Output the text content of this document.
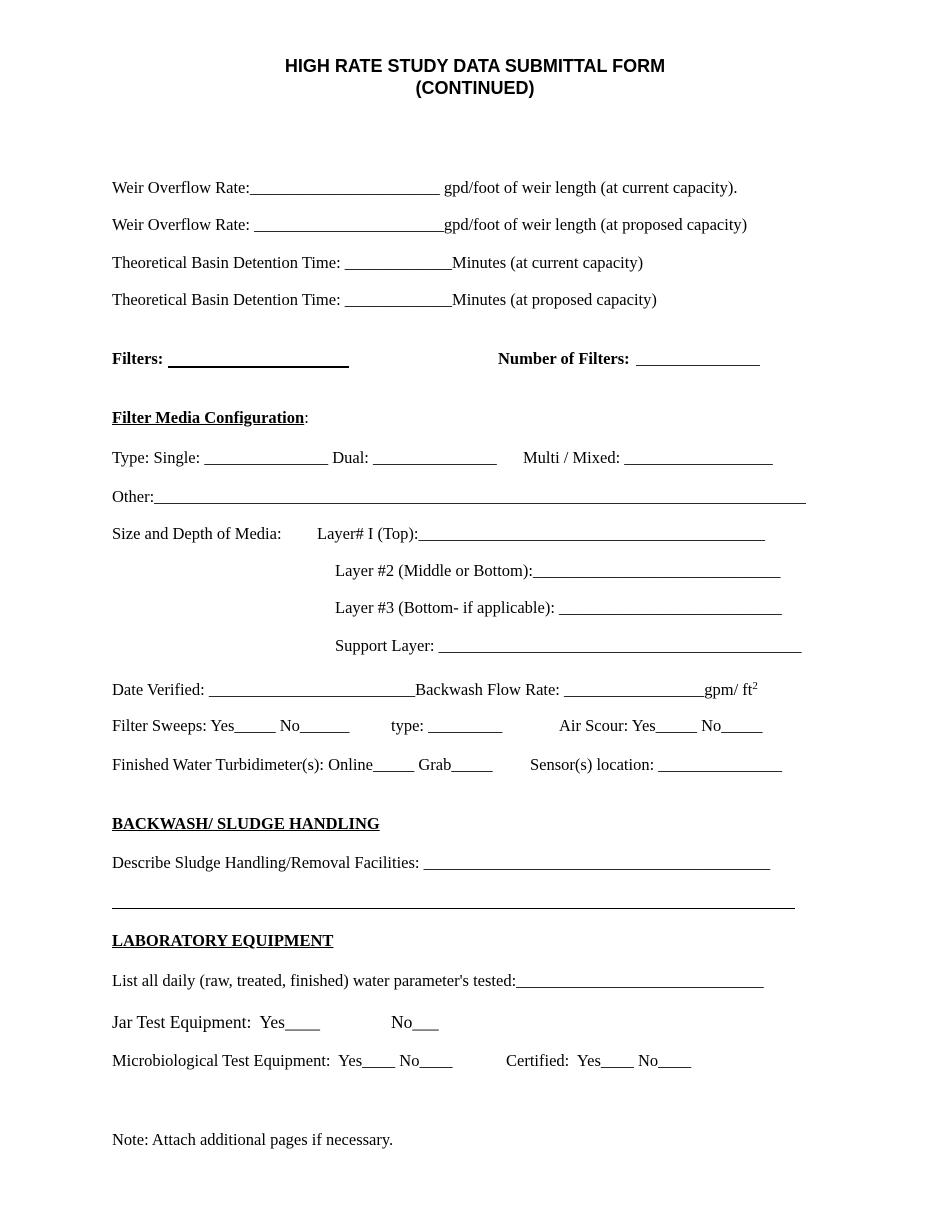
HIGH RATE STUDY DATA SUBMITTAL FORM
(CONTINUED)
Weir Overflow Rate:_______________________ gpd/foot of weir length (at current capacity).
Weir Overflow Rate: _______________________gpd/foot of weir length (at proposed capacity)
Theoretical Basin Detention Time: _____________Minutes (at current capacity)
Theoretical Basin Detention Time: _____________Minutes (at proposed capacity)
Filters:	Number of Filters: _______________
Filter Media Configuration:
Type: Single: _______________ Dual: _______________ Multi / Mixed: __________________
Other:_______________________________________________________________________________
Size and Depth of Media: Layer# I (Top):__________________________________________
Layer #2 (Middle or Bottom):______________________________
Layer #3 (Bottom- if applicable): ___________________________
Support Layer: ____________________________________________
Date Verified: _________________________Backwash Flow Rate: _________________gpm/ $ft^2$
Filter Sweeps: Yes_____ No______	type: _________	Air Scour: Yes_____ No_____
Finished Water Turbidimeter(s): Online_____ Grab_____ Sensor(s) location: _______________
BACKWASH/ SLUDGE HANDLING
Describe Sludge Handling/Removal Facilities: __________________________________________
LABORATORY EQUIPMENT
List all daily (raw, treated, finished) water parameter's tested:______________________________
Jar Test Equipment:  Yes____	No___
Microbiological Test Equipment:  Yes____ No____	Certified:  Yes____ No____
Note: Attach additional pages if necessary.
